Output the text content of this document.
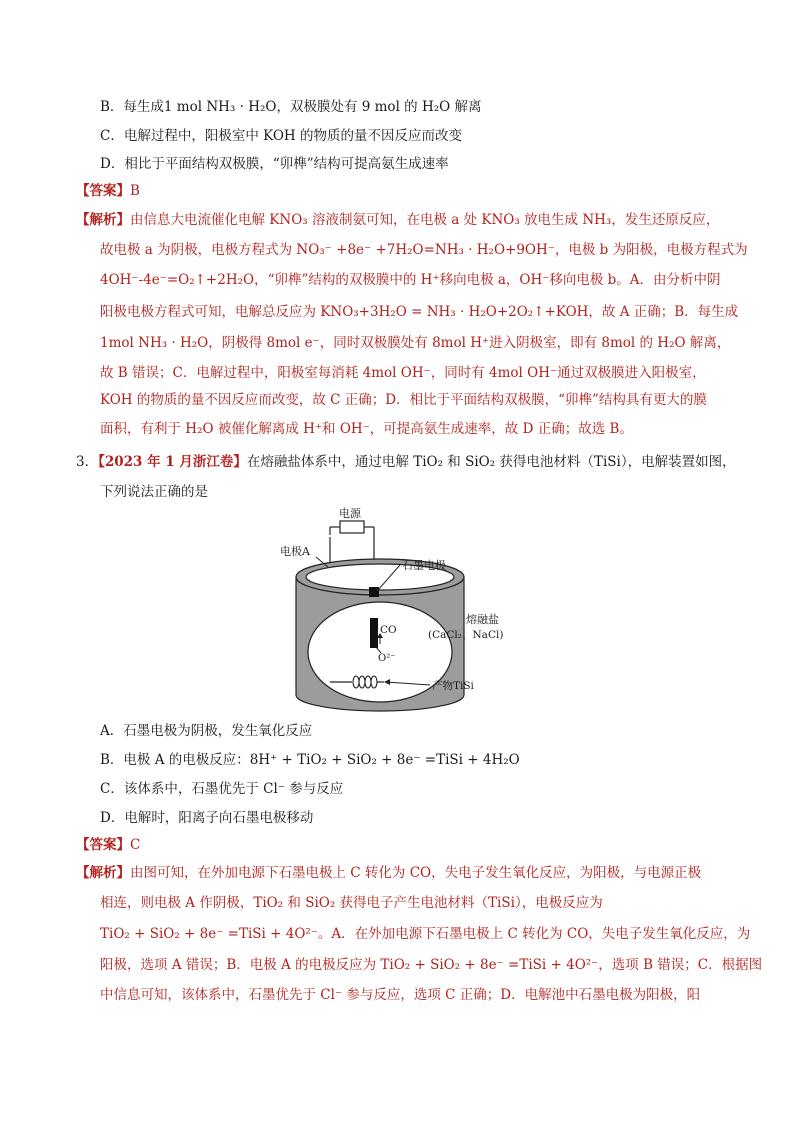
B．每生成1 mol NH₃ · H₂O，双极膜处有 9 mol 的 H₂O 解离
C．电解过程中，阳极室中 KOH 的物质的量不因反应而改变
D．相比于平面结构双极膜，“卯榫”结构可提高氨生成速率
【答案】B
【解析】由信息大电流催化电解 KNO₃ 溶液制氨可知，在电极 a 处 KNO₃ 放电生成 NH₃，发生还原反应，
故电极 a 为阴极，电极方程式为 NO₃⁻ +8e⁻ +7H₂O=NH₃ · H₂O+9OH⁻，电极 b 为阳极，电极方程式为
4OH⁻-4e⁻=O₂↑+2H₂O，“卯榫”结构的双极膜中的 H⁺移向电极 a，OH⁻移向电极 b。A．由分析中阴
阳极电极方程式可知，电解总反应为 KNO₃+3H₂O = NH₃ · H₂O+2O₂↑+KOH，故 A 正确；B．每生成
1mol NH₃ · H₂O，阴极得 8mol e⁻，同时双极膜处有 8mol H⁺进入阴极室，即有 8mol 的 H₂O 解离，
故 B 错误；C．电解过程中，阳极室每消耗 4mol OH⁻，同时有 4mol OH⁻通过双极膜进入阳极室，
KOH 的物质的量不因反应而改变，故 C 正确；D．相比于平面结构双极膜，“卯榫”结构具有更大的膜
面积，有利于 H₂O 被催化解离成 H⁺和 OH⁻，可提高氨生成速率，故 D 正确；故选 B。
3．【2023 年 1 月浙江卷】在熔融盐体系中，通过电解 TiO₂ 和 SiO₂ 获得电池材料（TiSi），电解装置如图，
下列说法正确的是
电源
电极A
石墨电极
熔融盐
(CaCl₂、NaCl)
CO
O²⁻
产物TiSi
A．石墨电极为阴极，发生氧化反应
B．电极 A 的电极反应：8H⁺ + TiO₂ + SiO₂ + 8e⁻ =TiSi + 4H₂O
C．该体系中，石墨优先于 Cl⁻ 参与反应
D．电解时，阳离子向石墨电极移动
【答案】C
【解析】由图可知，在外加电源下石墨电极上 C 转化为 CO，失电子发生氧化反应，为阳极，与电源正极
相连，则电极 A 作阴极，TiO₂ 和 SiO₂ 获得电子产生电池材料（TiSi），电极反应为
TiO₂ + SiO₂ + 8e⁻ =TiSi + 4O²⁻。A．在外加电源下石墨电极上 C 转化为 CO，失电子发生氧化反应，为
阳极，选项 A 错误；B．电极 A 的电极反应为 TiO₂ + SiO₂ + 8e⁻ =TiSi + 4O²⁻，选项 B 错误；C．根据图
中信息可知，该体系中，石墨优先于 Cl⁻ 参与反应，选项 C 正确；D．电解池中石墨电极为阳极，阳
